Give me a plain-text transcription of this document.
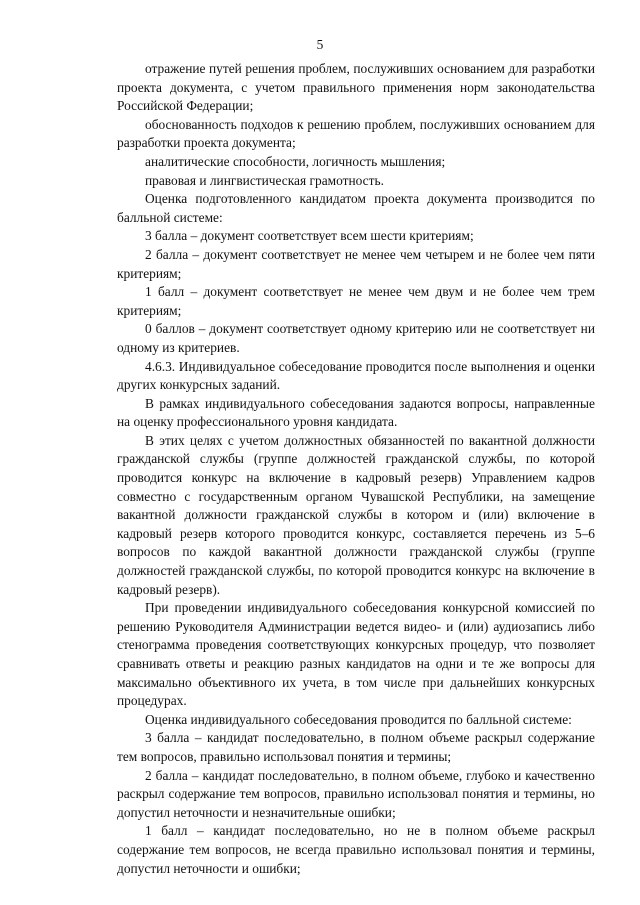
5

отражение путей решения проблем, послуживших основанием для разработки проекта документа, с учетом правильного применения норм законодательства Российской Федерации;

обоснованность подходов к решению проблем, послуживших основанием для разработки проекта документа;

аналитические способности, логичность мышления;

правовая и лингвистическая грамотность.

Оценка подготовленного кандидатом проекта документа производится по балльной системе:

3 балла – документ соответствует всем шести критериям;

2 балла – документ соответствует не менее чем четырем и не более чем пяти критериям;

1 балл – документ соответствует не менее чем двум и не более чем трем критериям;

0 баллов – документ соответствует одному критерию или не соответствует ни одному из критериев.

4.6.3. Индивидуальное собеседование проводится после выполнения и оценки других конкурсных заданий.

В рамках индивидуального собеседования задаются вопросы, направленные на оценку профессионального уровня кандидата.

В этих целях с учетом должностных обязанностей по вакантной должности гражданской службы (группе должностей гражданской службы, по которой проводится конкурс на включение в кадровый резерв) Управлением кадров совместно с государственным органом Чувашской Республики, на замещение вакантной должности гражданской службы в котором и (или) включение в кадровый резерв которого проводится конкурс, составляется перечень из 5–6 вопросов по каждой вакантной должности гражданской службы (группе должностей гражданской службы, по которой проводится конкурс на включение в кадровый резерв).

При проведении индивидуального собеседования конкурсной комиссией по решению Руководителя Администрации ведется видео- и (или) аудиозапись либо стенограмма проведения соответствующих конкурсных процедур, что позволяет сравнивать ответы и реакцию разных кандидатов на одни и те же вопросы для максимально объективного их учета, в том числе при дальнейших конкурсных процедурах.

Оценка индивидуального собеседования проводится по балльной системе:

3 балла – кандидат последовательно, в полном объеме раскрыл содержание тем вопросов, правильно использовал понятия и термины;

2 балла – кандидат последовательно, в полном объеме, глубоко и качественно раскрыл содержание тем вопросов, правильно использовал понятия и термины, но допустил неточности и незначительные ошибки;

1 балл – кандидат последовательно, но не в полном объеме раскрыл содержание тем вопросов, не всегда правильно использовал понятия и термины, допустил неточности и ошибки;
